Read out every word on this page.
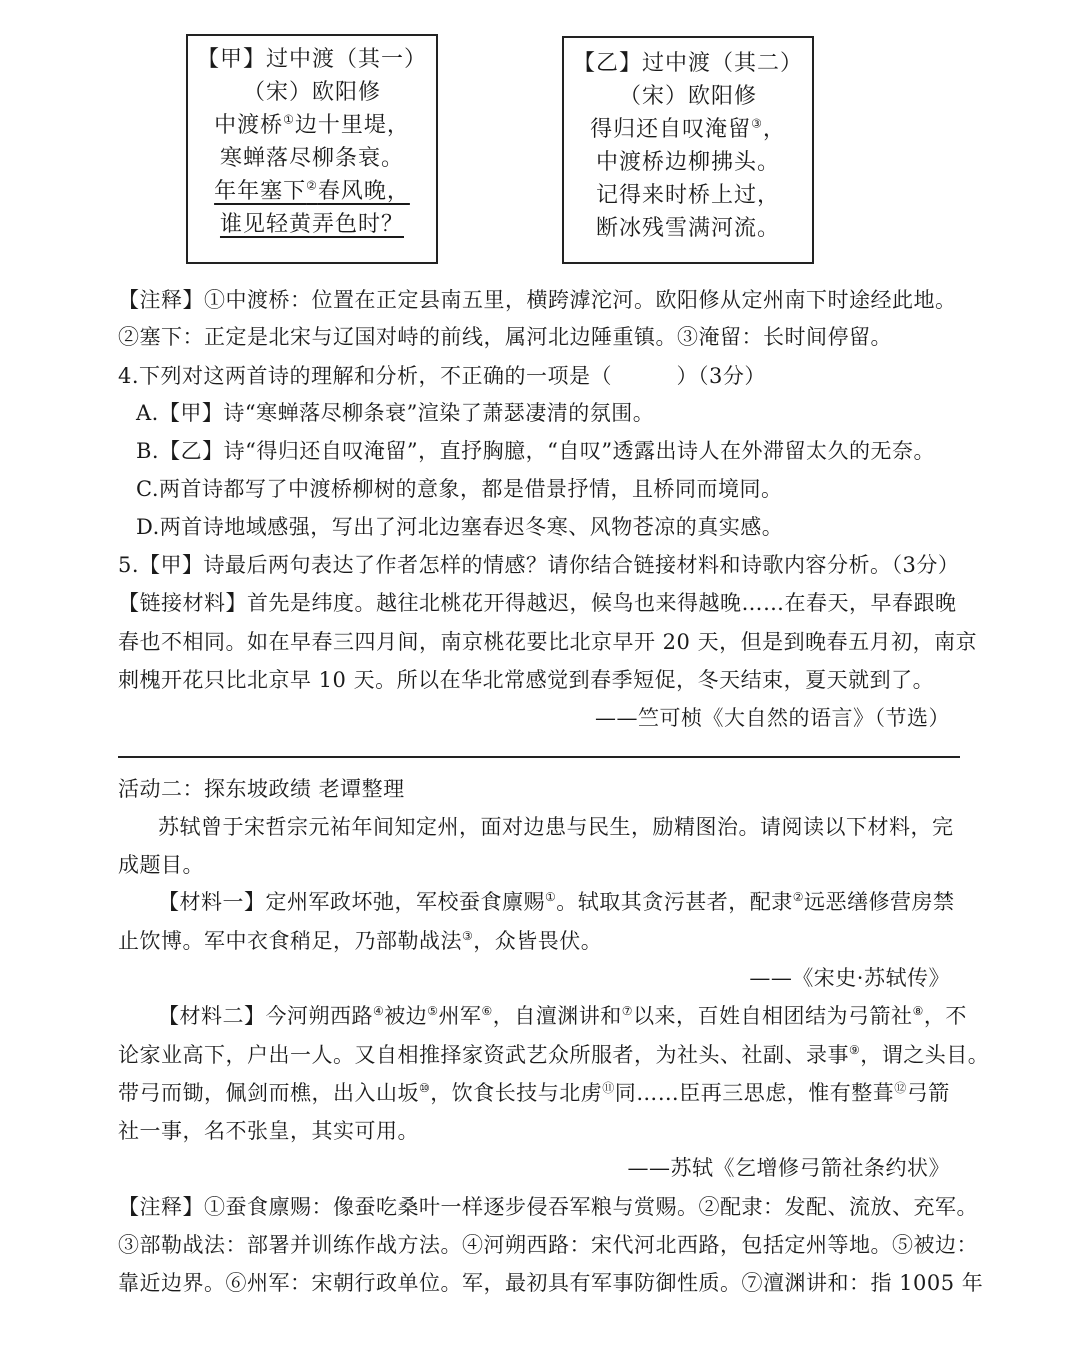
【甲】过中渡（其一）
（宋）欧阳修
中渡桥①边十里堤，
寒蝉落尽柳条衰。
年年塞下②春风晚，
谁见轻黄弄色时？
【乙】过中渡（其二）
（宋）欧阳修
得归还自叹淹留③，
中渡桥边柳拂头。
记得来时桥上过，
断冰残雪满河流。
【注释】①中渡桥：位置在正定县南五里，横跨滹沱河。欧阳修从定州南下时途经此地。
②塞下：正定是北宋与辽国对峙的前线，属河北边陲重镇。③淹留：长时间停留。
4.下列对这两首诗的理解和分析，不正确的一项是（　　　）（3分）
A.【甲】诗“寒蝉落尽柳条衰”渲染了萧瑟凄清的氛围。
B.【乙】诗“得归还自叹淹留”，直抒胸臆，“自叹”透露出诗人在外滞留太久的无奈。
C.两首诗都写了中渡桥柳树的意象，都是借景抒情，且桥同而境同。
D.两首诗地域感强，写出了河北边塞春迟冬寒、风物苍凉的真实感。
5.【甲】诗最后两句表达了作者怎样的情感？请你结合链接材料和诗歌内容分析。（3分）
【链接材料】首先是纬度。越往北桃花开得越迟，候鸟也来得越晚……在春天，早春跟晚
春也不相同。如在早春三四月间，南京桃花要比北京早开 20 天，但是到晚春五月初，南京
刺槐开花只比北京早 10 天。所以在华北常感觉到春季短促，冬天结束，夏天就到了。
——竺可桢《大自然的语言》（节选）
活动二：探东坡政绩 老谭整理
苏轼曾于宋哲宗元祐年间知定州，面对边患与民生，励精图治。请阅读以下材料，完
成题目。
【材料一】定州军政坏弛，军校蚕食廪赐①。轼取其贪污甚者，配隶②远恶缮修营房禁
止饮博。军中衣食稍足，乃部勒战法③，众皆畏伏。
——《宋史·苏轼传》
【材料二】今河朔西路④被边⑤州军⑥，自澶渊讲和⑦以来，百姓自相团结为弓箭社⑧，不
论家业高下，户出一人。又自相推择家资武艺众所服者，为社头、社副、录事⑨，谓之头目。
带弓而锄，佩剑而樵，出入山坂⑩，饮食长技与北虏⑪同……臣再三思虑，惟有整葺⑫弓箭
社一事，名不张皇，其实可用。
——苏轼《乞增修弓箭社条约状》
【注释】①蚕食廪赐：像蚕吃桑叶一样逐步侵吞军粮与赏赐。②配隶：发配、流放、充军。
③部勒战法：部署并训练作战方法。④河朔西路：宋代河北西路，包括定州等地。⑤被边：
靠近边界。⑥州军：宋朝行政单位。军，最初具有军事防御性质。⑦澶渊讲和：指 1005 年
